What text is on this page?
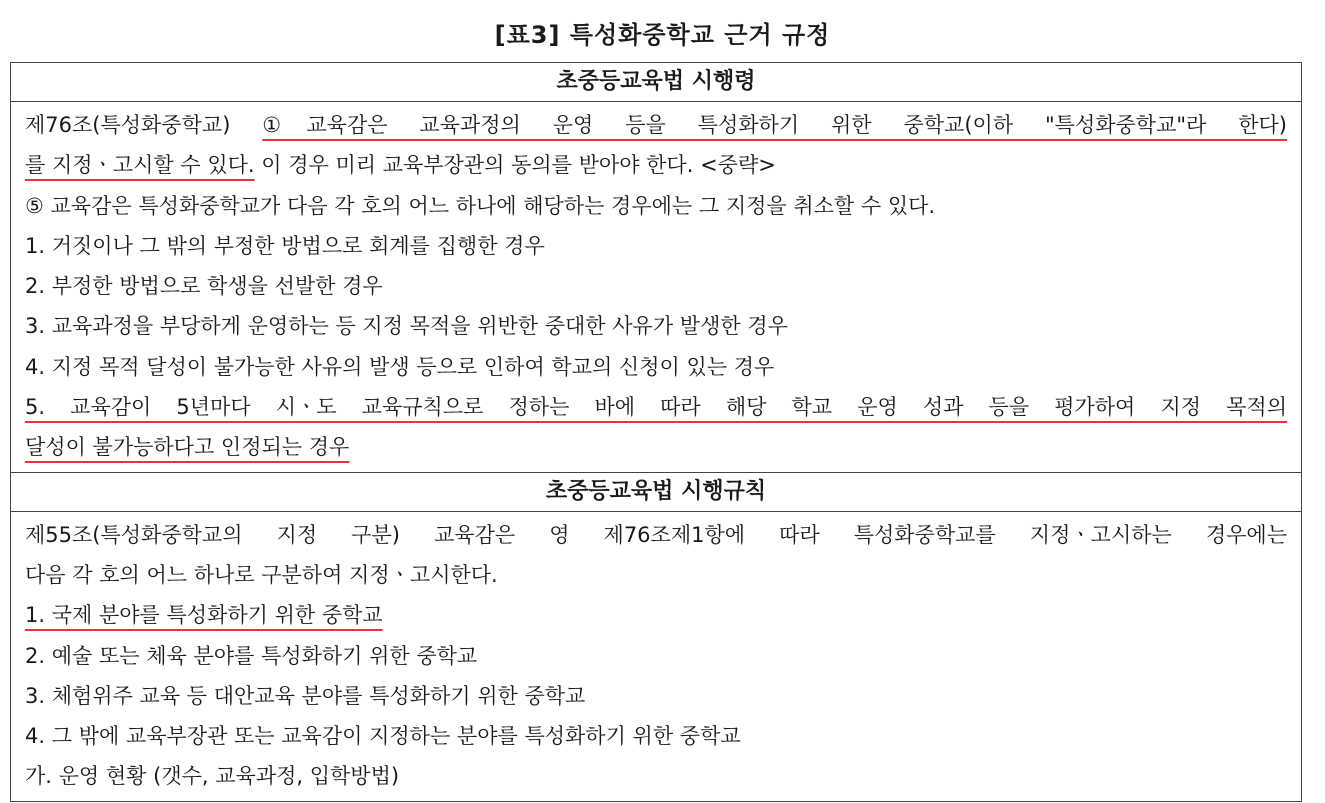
[표3] 특성화중학교 근거 규정
초중등교육법 시행령
제76조(특성화중학교) ①교육감은 교육과정의 운영 등을 특성화하기 위한 중학교(이하 "특성화중학교"라 한다)
를 지정ㆍ고시할 수 있다. 이 경우 미리 교육부장관의 동의를 받아야 한다. <중략>
⑤ 교육감은 특성화중학교가 다음 각 호의 어느 하나에 해당하는 경우에는 그 지정을 취소할 수 있다.
1. 거짓이나 그 밖의 부정한 방법으로 회계를 집행한 경우
2. 부정한 방법으로 학생을 선발한 경우
3. 교육과정을 부당하게 운영하는 등 지정 목적을 위반한 중대한 사유가 발생한 경우
4. 지정 목적 달성이 불가능한 사유의 발생 등으로 인하여 학교의 신청이 있는 경우
5. 교육감이 5년마다 시ㆍ도 교육규칙으로 정하는 바에 따라 해당 학교 운영 성과 등을 평가하여 지정 목적의
달성이 불가능하다고 인정되는 경우
초중등교육법 시행규칙
제55조(특성화중학교의 지정 구분) 교육감은 영 제76조제1항에 따라 특성화중학교를 지정ㆍ고시하는 경우에는
다음 각 호의 어느 하나로 구분하여 지정ㆍ고시한다.
1. 국제 분야를 특성화하기 위한 중학교
2. 예술 또는 체육 분야를 특성화하기 위한 중학교
3. 체험위주 교육 등 대안교육 분야를 특성화하기 위한 중학교
4. 그 밖에 교육부장관 또는 교육감이 지정하는 분야를 특성화하기 위한 중학교
가. 운영 현황 (갯수, 교육과정, 입학방법)
